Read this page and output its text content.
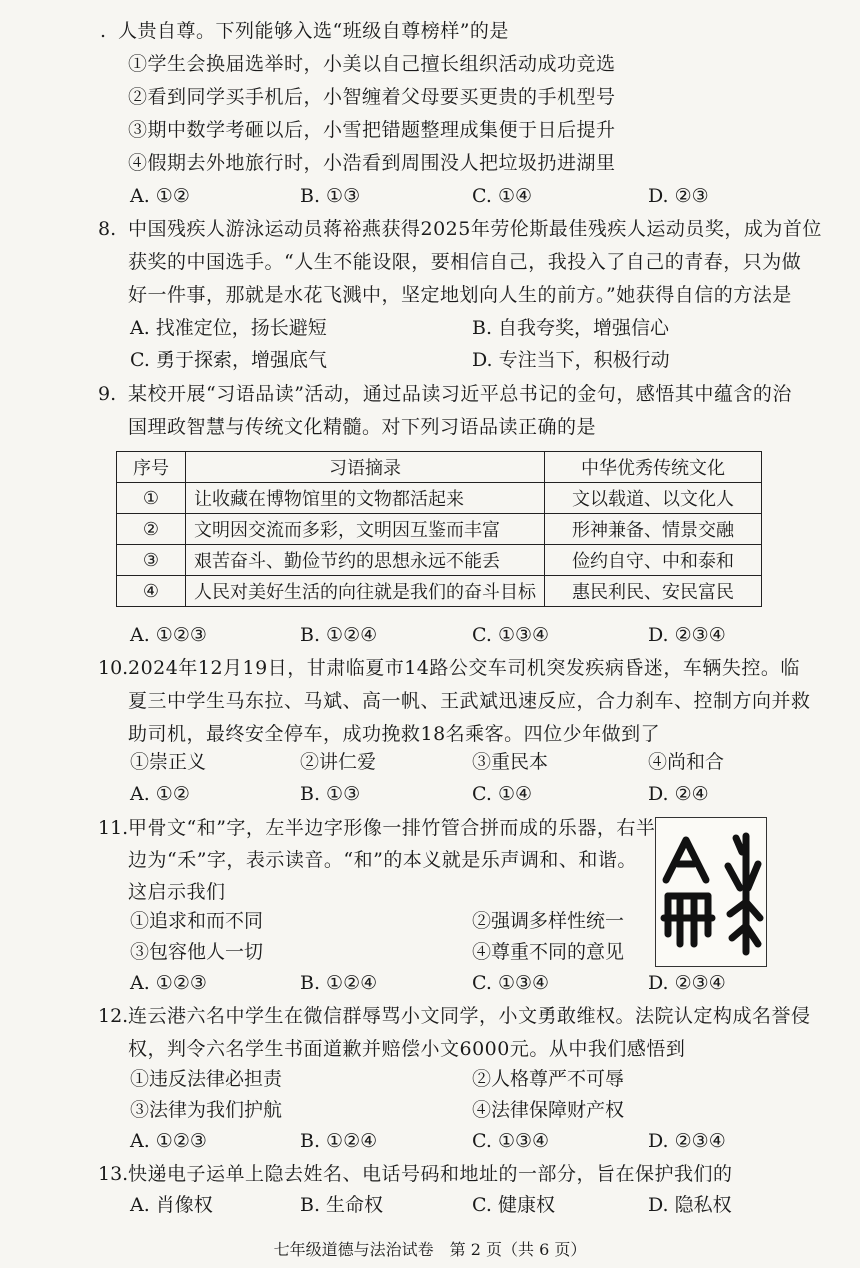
. 人贵自尊。下列能够入选“班级自尊榜样”的是
①学生会换届选举时，小美以自己擅长组织活动成功竞选
②看到同学买手机后，小智缠着父母要买更贵的手机型号
③期中数学考砸以后，小雪把错题整理成集便于日后提升
④假期去外地旅行时，小浩看到周围没人把垃圾扔进湖里
A. ①②	B. ①③	C. ①④	D. ②③
8. 中国残疾人游泳运动员蒋裕燕获得2025年劳伦斯最佳残疾人运动员奖，成为首位
获奖的中国选手。“人生不能设限，要相信自己，我投入了自己的青春，只为做
好一件事，那就是水花飞溅中，坚定地划向人生的前方。”她获得自信的方法是
A. 找准定位，扬长避短	B. 自我夸奖，增强信心
C. 勇于探索，增强底气	D. 专注当下，积极行动
9. 某校开展“习语品读”活动，通过品读习近平总书记的金句，感悟其中蕴含的治
国理政智慧与传统文化精髓。对下列习语品读正确的是
序号	习语摘录	中华优秀传统文化
①	让收藏在博物馆里的文物都活起来	文以载道、以文化人
②	文明因交流而多彩，文明因互鉴而丰富	形神兼备、情景交融
③	艰苦奋斗、勤俭节约的思想永远不能丢	俭约自守、中和泰和
④	人民对美好生活的向往就是我们的奋斗目标	惠民利民、安民富民
A. ①②③	B. ①②④	C. ①③④	D. ②③④
10. 2024年12月19日，甘肃临夏市14路公交车司机突发疾病昏迷，车辆失控。临
夏三中学生马东拉、马斌、高一帆、王武斌迅速反应，合力刹车、控制方向并救
助司机，最终安全停车，成功挽救18名乘客。四位少年做到了
①崇正义	②讲仁爱	③重民本	④尚和合
A. ①②	B. ①③	C. ①④	D. ②④
11. 甲骨文“和”字，左半边字形像一排竹管合拼而成的乐器，右半
边为“禾”字，表示读音。“和”的本义就是乐声调和、和谐。
这启示我们
①追求和而不同	②强调多样性统一
③包容他人一切	④尊重不同的意见
A. ①②③	B. ①②④	C. ①③④	D. ②③④
12. 连云港六名中学生在微信群辱骂小文同学，小文勇敢维权。法院认定构成名誉侵
权，判令六名学生书面道歉并赔偿小文6000元。从中我们感悟到
①违反法律必担责	②人格尊严不可辱
③法律为我们护航	④法律保障财产权
A. ①②③	B. ①②④	C. ①③④	D. ②③④
13. 快递电子运单上隐去姓名、电话号码和地址的一部分，旨在保护我们的
A. 肖像权	B. 生命权	C. 健康权	D. 隐私权
七年级道德与法治试卷　第 2 页（共 6 页）
